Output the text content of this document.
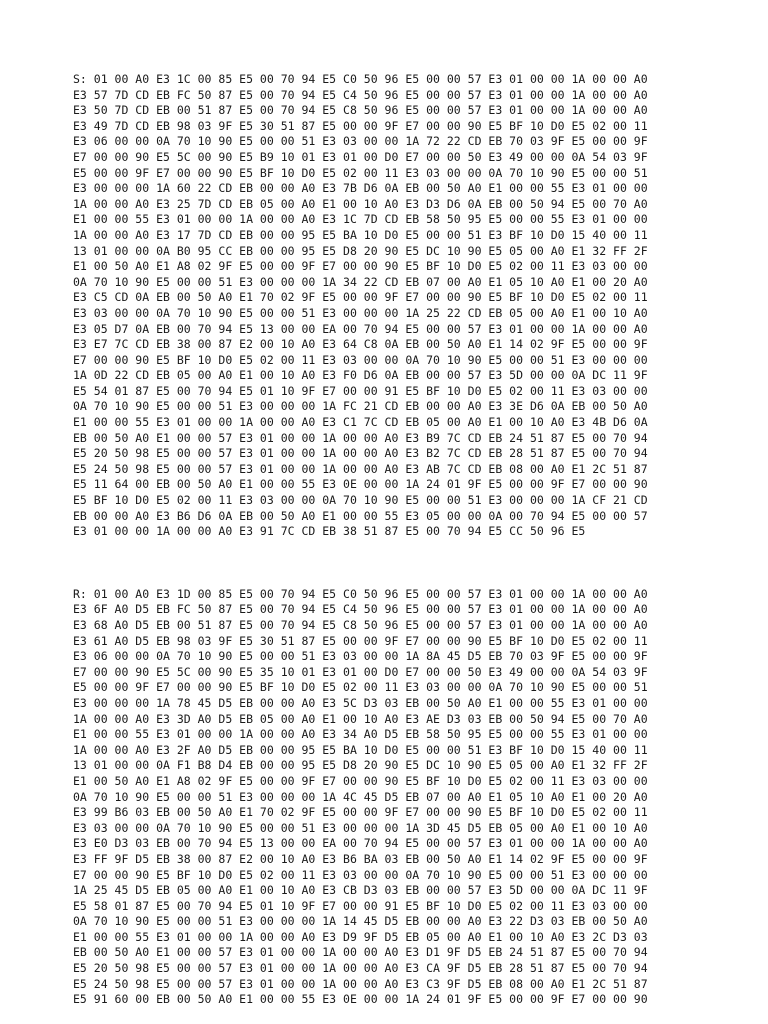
S: 01 00 A0 E3 1C 00 85 E5 00 70 94 E5 C0 50 96 E5 00 00 57 E3 01 00 00 1A 00 00 A0
E3 57 7D CD EB FC 50 87 E5 00 70 94 E5 C4 50 96 E5 00 00 57 E3 01 00 00 1A 00 00 A0
E3 50 7D CD EB 00 51 87 E5 00 70 94 E5 C8 50 96 E5 00 00 57 E3 01 00 00 1A 00 00 A0
E3 49 7D CD EB 98 03 9F E5 30 51 87 E5 00 00 9F E7 00 00 90 E5 BF 10 D0 E5 02 00 11
E3 06 00 00 0A 70 10 90 E5 00 00 51 E3 03 00 00 1A 72 22 CD EB 70 03 9F E5 00 00 9F
E7 00 00 90 E5 5C 00 90 E5 B9 10 01 E3 01 00 D0 E7 00 00 50 E3 49 00 00 0A 54 03 9F
E5 00 00 9F E7 00 00 90 E5 BF 10 D0 E5 02 00 11 E3 03 00 00 0A 70 10 90 E5 00 00 51
E3 00 00 00 1A 60 22 CD EB 00 00 A0 E3 7B D6 0A EB 00 50 A0 E1 00 00 55 E3 01 00 00
1A 00 00 A0 E3 25 7D CD EB 05 00 A0 E1 00 10 A0 E3 D3 D6 0A EB 00 50 94 E5 00 70 A0
E1 00 00 55 E3 01 00 00 1A 00 00 A0 E3 1C 7D CD EB 58 50 95 E5 00 00 55 E3 01 00 00
1A 00 00 A0 E3 17 7D CD EB 00 00 95 E5 BA 10 D0 E5 00 00 51 E3 BF 10 D0 15 40 00 11
13 01 00 00 0A B0 95 CC EB 00 00 95 E5 D8 20 90 E5 DC 10 90 E5 05 00 A0 E1 32 FF 2F
E1 00 50 A0 E1 A8 02 9F E5 00 00 9F E7 00 00 90 E5 BF 10 D0 E5 02 00 11 E3 03 00 00
0A 70 10 90 E5 00 00 51 E3 00 00 00 1A 34 22 CD EB 07 00 A0 E1 05 10 A0 E1 00 20 A0
E3 C5 CD 0A EB 00 50 A0 E1 70 02 9F E5 00 00 9F E7 00 00 90 E5 BF 10 D0 E5 02 00 11
E3 03 00 00 0A 70 10 90 E5 00 00 51 E3 00 00 00 1A 25 22 CD EB 05 00 A0 E1 00 10 A0
E3 05 D7 0A EB 00 70 94 E5 13 00 00 EA 00 70 94 E5 00 00 57 E3 01 00 00 1A 00 00 A0
E3 E7 7C CD EB 38 00 87 E2 00 10 A0 E3 64 C8 0A EB 00 50 A0 E1 14 02 9F E5 00 00 9F
E7 00 00 90 E5 BF 10 D0 E5 02 00 11 E3 03 00 00 0A 70 10 90 E5 00 00 51 E3 00 00 00
1A 0D 22 CD EB 05 00 A0 E1 00 10 A0 E3 F0 D6 0A EB 00 00 57 E3 5D 00 00 0A DC 11 9F
E5 54 01 87 E5 00 70 94 E5 01 10 9F E7 00 00 91 E5 BF 10 D0 E5 02 00 11 E3 03 00 00
0A 70 10 90 E5 00 00 51 E3 00 00 00 1A FC 21 CD EB 00 00 A0 E3 3E D6 0A EB 00 50 A0
E1 00 00 55 E3 01 00 00 1A 00 00 A0 E3 C1 7C CD EB 05 00 A0 E1 00 10 A0 E3 4B D6 0A
EB 00 50 A0 E1 00 00 57 E3 01 00 00 1A 00 00 A0 E3 B9 7C CD EB 24 51 87 E5 00 70 94
E5 20 50 98 E5 00 00 57 E3 01 00 00 1A 00 00 A0 E3 B2 7C CD EB 28 51 87 E5 00 70 94
E5 24 50 98 E5 00 00 57 E3 01 00 00 1A 00 00 A0 E3 AB 7C CD EB 08 00 A0 E1 2C 51 87
E5 11 64 00 EB 00 50 A0 E1 00 00 55 E3 0E 00 00 1A 24 01 9F E5 00 00 9F E7 00 00 90
E5 BF 10 D0 E5 02 00 11 E3 03 00 00 0A 70 10 90 E5 00 00 51 E3 00 00 00 1A CF 21 CD
EB 00 00 A0 E3 B6 D6 0A EB 00 50 A0 E1 00 00 55 E3 05 00 00 0A 00 70 94 E5 00 00 57
E3 01 00 00 1A 00 00 A0 E3 91 7C CD EB 38 51 87 E5 00 70 94 E5 CC 50 96 E5
R: 01 00 A0 E3 1D 00 85 E5 00 70 94 E5 C0 50 96 E5 00 00 57 E3 01 00 00 1A 00 00 A0
E3 6F A0 D5 EB FC 50 87 E5 00 70 94 E5 C4 50 96 E5 00 00 57 E3 01 00 00 1A 00 00 A0
E3 68 A0 D5 EB 00 51 87 E5 00 70 94 E5 C8 50 96 E5 00 00 57 E3 01 00 00 1A 00 00 A0
E3 61 A0 D5 EB 98 03 9F E5 30 51 87 E5 00 00 9F E7 00 00 90 E5 BF 10 D0 E5 02 00 11
E3 06 00 00 0A 70 10 90 E5 00 00 51 E3 03 00 00 1A 8A 45 D5 EB 70 03 9F E5 00 00 9F
E7 00 00 90 E5 5C 00 90 E5 35 10 01 E3 01 00 D0 E7 00 00 50 E3 49 00 00 0A 54 03 9F
E5 00 00 9F E7 00 00 90 E5 BF 10 D0 E5 02 00 11 E3 03 00 00 0A 70 10 90 E5 00 00 51
E3 00 00 00 1A 78 45 D5 EB 00 00 A0 E3 5C D3 03 EB 00 50 A0 E1 00 00 55 E3 01 00 00
1A 00 00 A0 E3 3D A0 D5 EB 05 00 A0 E1 00 10 A0 E3 AE D3 03 EB 00 50 94 E5 00 70 A0
E1 00 00 55 E3 01 00 00 1A 00 00 A0 E3 34 A0 D5 EB 58 50 95 E5 00 00 55 E3 01 00 00
1A 00 00 A0 E3 2F A0 D5 EB 00 00 95 E5 BA 10 D0 E5 00 00 51 E3 BF 10 D0 15 40 00 11
13 01 00 00 0A F1 B8 D4 EB 00 00 95 E5 D8 20 90 E5 DC 10 90 E5 05 00 A0 E1 32 FF 2F
E1 00 50 A0 E1 A8 02 9F E5 00 00 9F E7 00 00 90 E5 BF 10 D0 E5 02 00 11 E3 03 00 00
0A 70 10 90 E5 00 00 51 E3 00 00 00 1A 4C 45 D5 EB 07 00 A0 E1 05 10 A0 E1 00 20 A0
E3 99 B6 03 EB 00 50 A0 E1 70 02 9F E5 00 00 9F E7 00 00 90 E5 BF 10 D0 E5 02 00 11
E3 03 00 00 0A 70 10 90 E5 00 00 51 E3 00 00 00 1A 3D 45 D5 EB 05 00 A0 E1 00 10 A0
E3 E0 D3 03 EB 00 70 94 E5 13 00 00 EA 00 70 94 E5 00 00 57 E3 01 00 00 1A 00 00 A0
E3 FF 9F D5 EB 38 00 87 E2 00 10 A0 E3 B6 BA 03 EB 00 50 A0 E1 14 02 9F E5 00 00 9F
E7 00 00 90 E5 BF 10 D0 E5 02 00 11 E3 03 00 00 0A 70 10 90 E5 00 00 51 E3 00 00 00
1A 25 45 D5 EB 05 00 A0 E1 00 10 A0 E3 CB D3 03 EB 00 00 57 E3 5D 00 00 0A DC 11 9F
E5 58 01 87 E5 00 70 94 E5 01 10 9F E7 00 00 91 E5 BF 10 D0 E5 02 00 11 E3 03 00 00
0A 70 10 90 E5 00 00 51 E3 00 00 00 1A 14 45 D5 EB 00 00 A0 E3 22 D3 03 EB 00 50 A0
E1 00 00 55 E3 01 00 00 1A 00 00 A0 E3 D9 9F D5 EB 05 00 A0 E1 00 10 A0 E3 2C D3 03
EB 00 50 A0 E1 00 00 57 E3 01 00 00 1A 00 00 A0 E3 D1 9F D5 EB 24 51 87 E5 00 70 94
E5 20 50 98 E5 00 00 57 E3 01 00 00 1A 00 00 A0 E3 CA 9F D5 EB 28 51 87 E5 00 70 94
E5 24 50 98 E5 00 00 57 E3 01 00 00 1A 00 00 A0 E3 C3 9F D5 EB 08 00 A0 E1 2C 51 87
E5 91 60 00 EB 00 50 A0 E1 00 00 55 E3 0E 00 00 1A 24 01 9F E5 00 00 9F E7 00 00 90
